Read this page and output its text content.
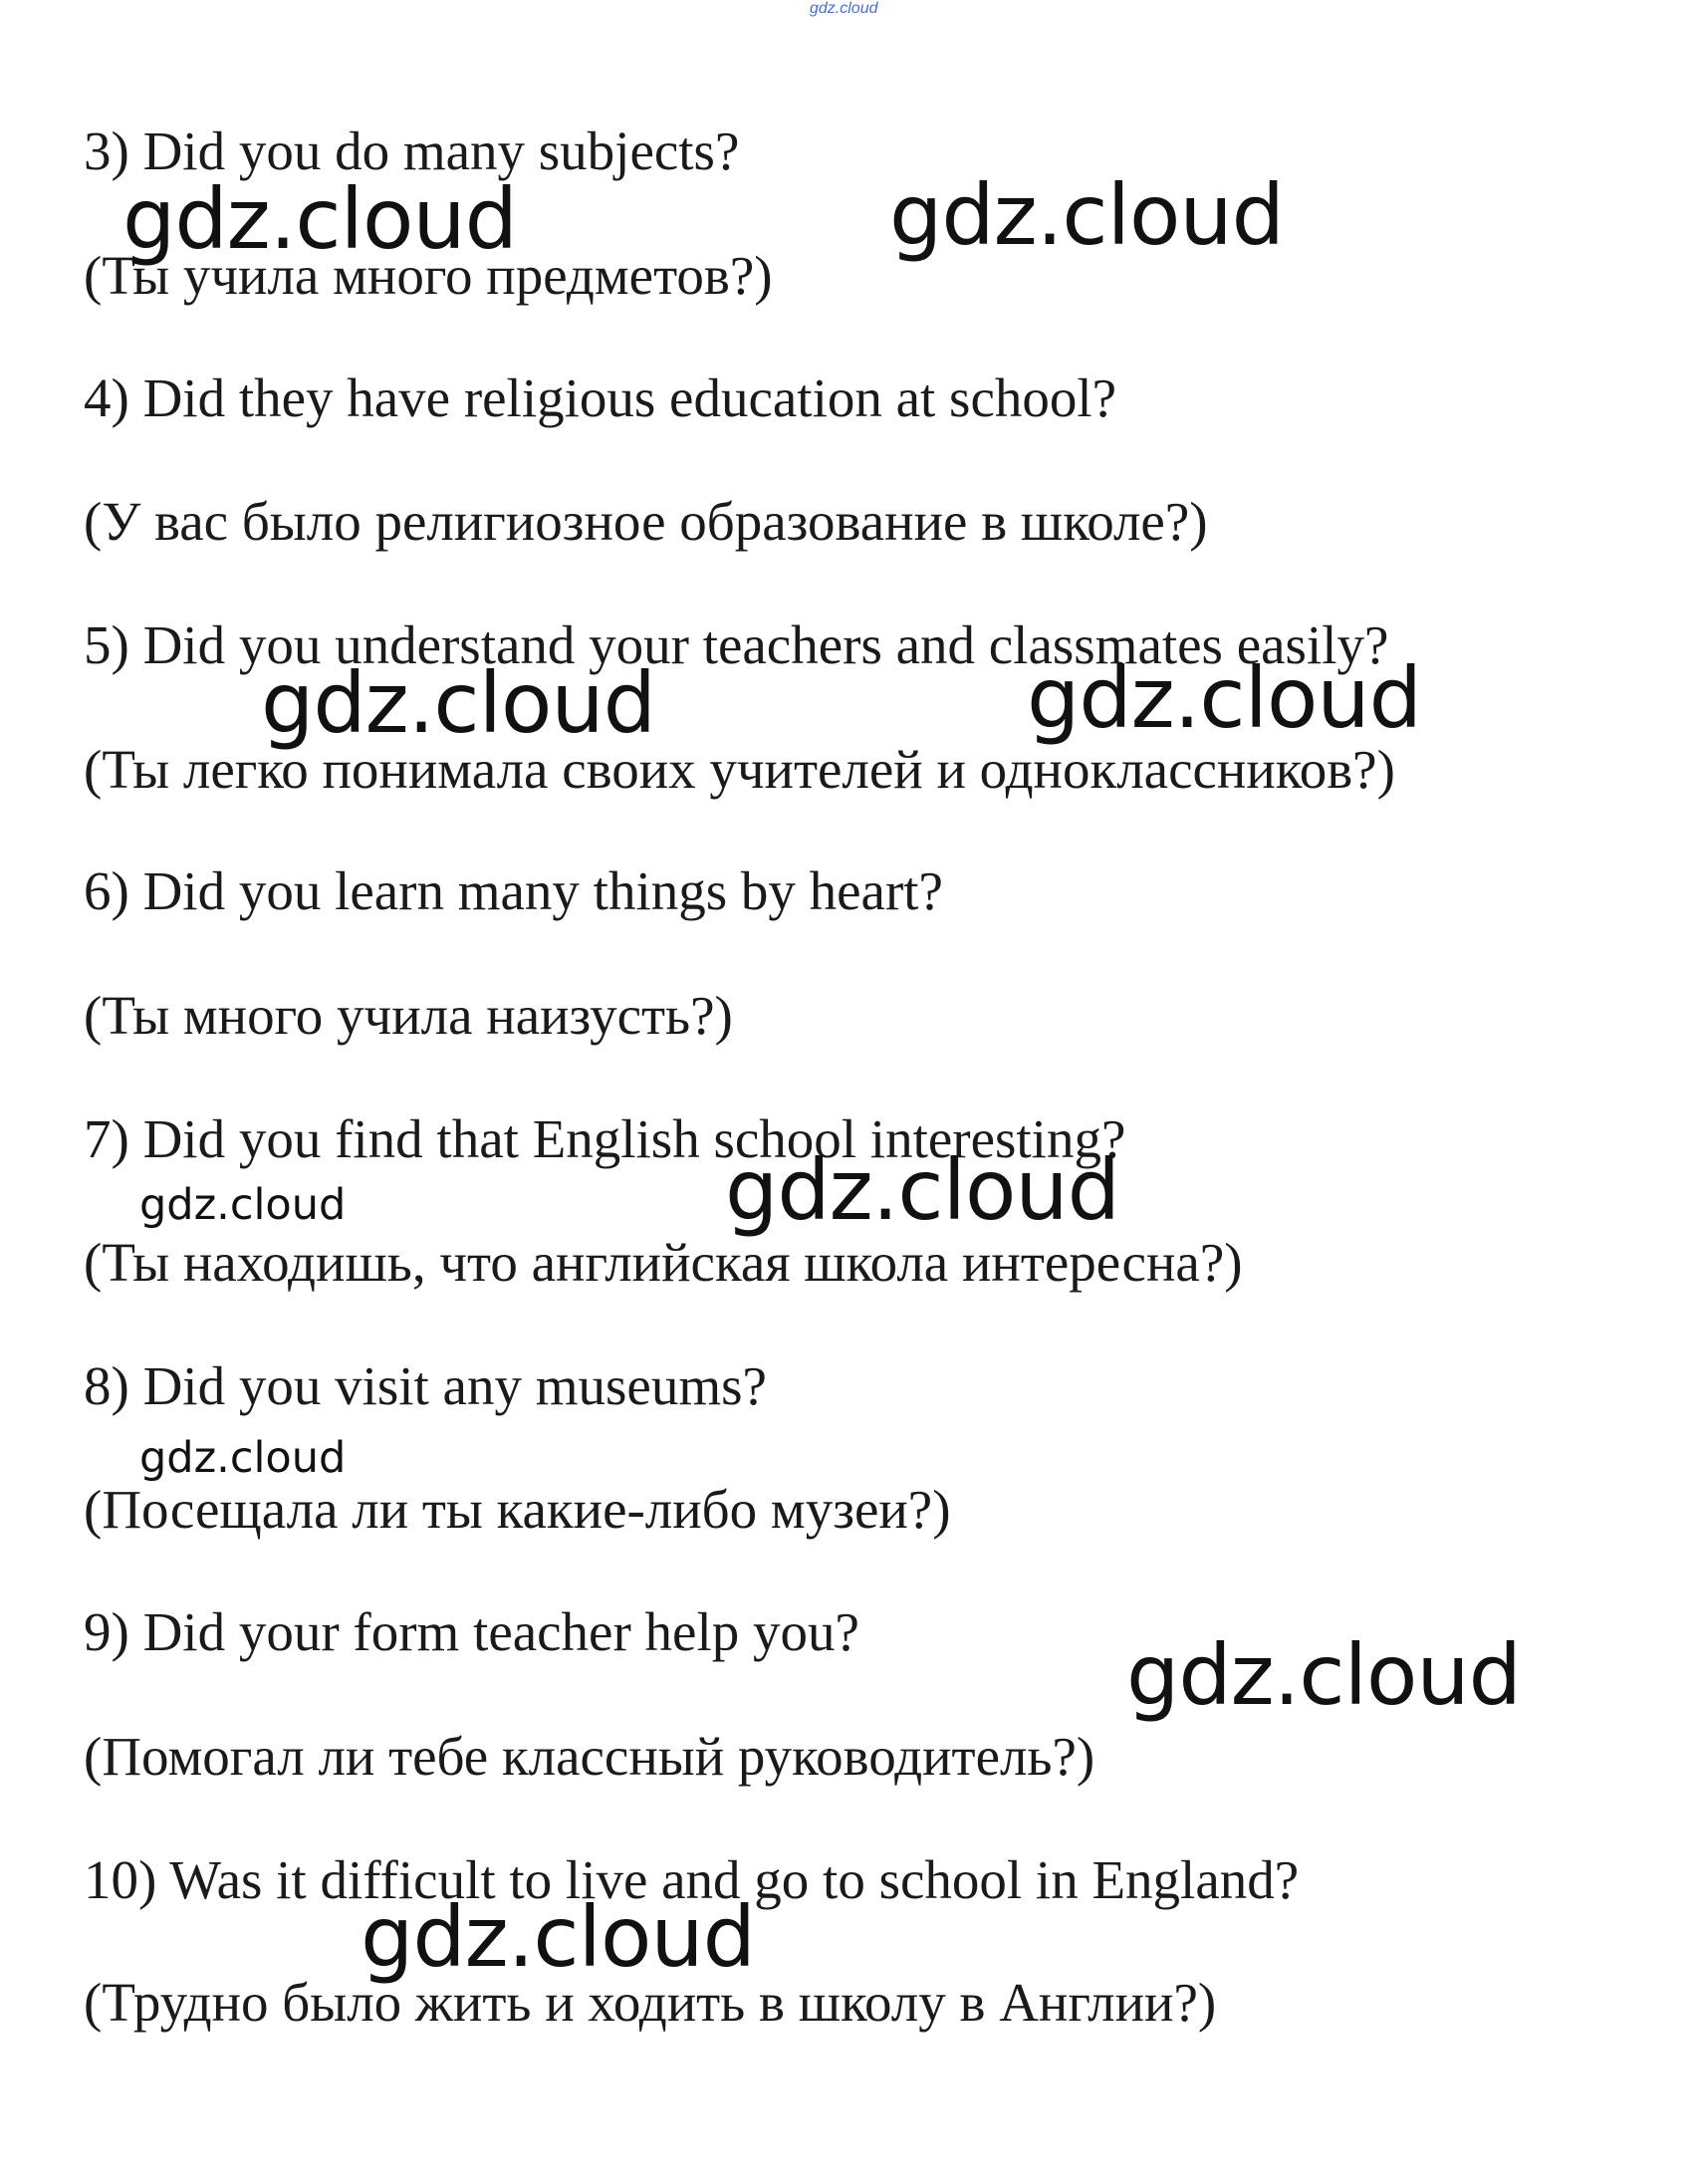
gdz.cloud
3) Did you do many subjects?
(Ты учила много предметов?)
4) Did they have religious education at school?
(У вас было религиозное образование в школе?)
5) Did you understand your teachers and classmates easily?
(Ты легко понимала своих учителей и одноклассников?)
6) Did you learn many things by heart?
(Ты много учила наизусть?)
7) Did you find that English school interesting?
(Ты находишь, что английская школа интересна?)
8) Did you visit any museums?
(Посещала ли ты какие-либо музеи?)
9) Did your form teacher help you?
(Помогал ли тебе классный руководитель?)
10) Was it difficult to live and go to school in England?
(Трудно было жить и ходить в школу в Англии?)
gdz.cloud	gdz.cloud
gdz.cloud	gdz.cloud
gdz.cloud	gdz.cloud
gdz.cloud
gdz.cloud
gdz.cloud
